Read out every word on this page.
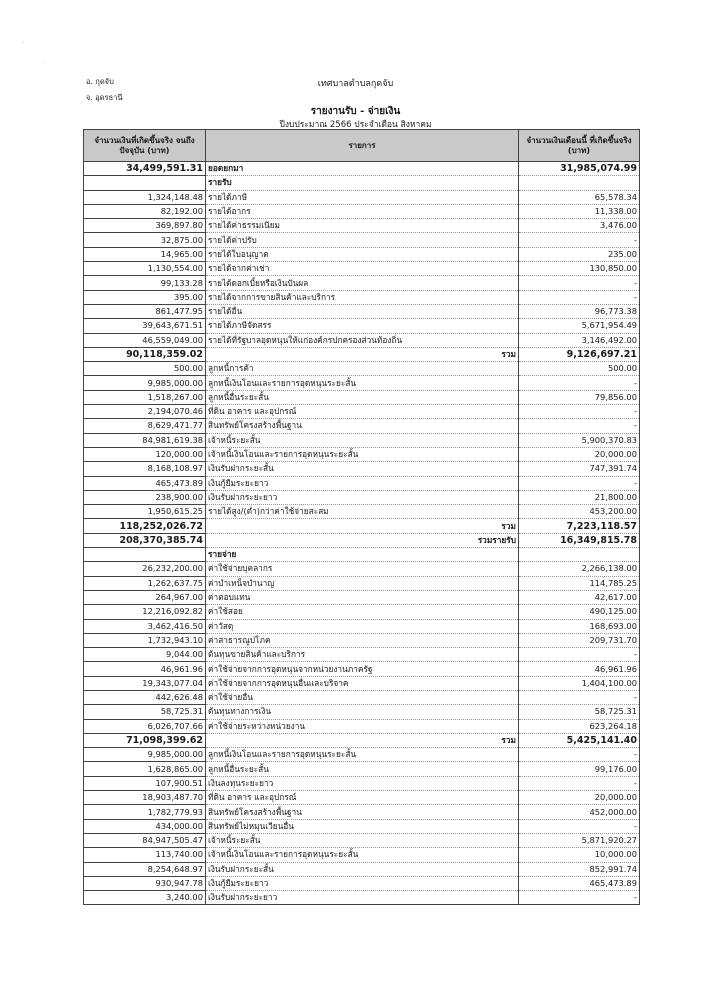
อ. กุดจับ
จ. อุดรธานี
เทศบาลตำบลกุดจับ
รายงานรับ - จ่ายเงิน
ปีงบประมาณ 2566 ประจำเดือน สิงหาคม
·
·
จำนวนเงินที่เกิดขึ้นจริง จนถึงปัจจุบัน (บาท)	รายการ	จำนวนเงินเดือนนี้ ที่เกิดขึ้นจริง (บาท)
34,499,591.31	ยอดยกมา	31,985,074.99
	รายรับ	
1,324,148.48	รายได้ภาษี	65,578.34
82,192.00	รายได้อากร	11,338.00
369,897.80	รายได้ค่าธรรมเนียม	3,476.00
32,875.00	รายได้ค่าปรับ	-
14,965.00	รายได้ใบอนุญาต	235.00
1,130,554.00	รายได้จากค่าเช่า	130,850.00
99,133.28	รายได้ดอกเบี้ยหรือเงินปันผล	-
395.00	รายได้จากการขายสินค้าและบริการ	-
861,477.95	รายได้อื่น	96,773.38
39,643,671.51	รายได้ภาษีจัดสรร	5,671,954.49
46,559,049.00	รายได้ที่รัฐบาลอุดหนุนให้แก่องค์กรปกครองส่วนท้องถิ่น	3,146,492.00
90,118,359.02	รวม	9,126,697.21
500.00	ลูกหนี้การค้า	500.00
9,985,000.00	ลูกหนี้เงินโอนและรายการอุดหนุนระยะสั้น	-
1,518,267.00	ลูกหนี้อื่นระยะสั้น	79,856.00
2,194,070.46	ที่ดิน อาคาร และอุปกรณ์	-
8,629,471.77	สินทรัพย์โครงสร้างพื้นฐาน	-
84,981,619.38	เจ้าหนี้ระยะสั้น	5,900,370.83
120,000.00	เจ้าหนี้เงินโอนและรายการอุดหนุนระยะสั้น	20,000.00
8,168,108.97	เงินรับฝากระยะสั้น	747,391.74
465,473.89	เงินกู้ยืมระยะยาว	-
238,900.00	เงินรับฝากระยะยาว	21,800.00
1,950,615.25	รายได้สูง/(ต่ำ)กว่าค่าใช้จ่ายสะสม	453,200.00
118,252,026.72	รวม	7,223,118.57
208,370,385.74	รวมรายรับ	16,349,815.78
	รายจ่าย	
26,232,200.00	ค่าใช้จ่ายบุคลากร	2,266,138.00
1,262,637.75	ค่าบำเหน็จบำนาญ	114,785.25
264,967.00	ค่าตอบแทน	42,617.00
12,216,092.82	ค่าใช้สอย	490,125.00
3,462,416.50	ค่าวัสดุ	168,693.00
1,732,943.10	ค่าสาธารณูปโภค	209,731.70
9,044.00	ต้นทุนขายสินค้าและบริการ	-
46,961.96	ค่าใช้จ่ายจากการอุดหนุนจากหน่วยงานภาครัฐ	46,961.96
19,343,077.04	ค่าใช้จ่ายจากการอุดหนุนอื่นและบริจาค	1,404,100.00
442,626.48	ค่าใช้จ่ายอื่น	-
58,725.31	ต้นทุนทางการเงิน	58,725.31
6,026,707.66	ค่าใช้จ่ายระหว่างหน่วยงาน	623,264.18
71,098,399.62	รวม	5,425,141.40
9,985,000.00	ลูกหนี้เงินโอนและรายการอุดหนุนระยะสั้น	-
1,628,865.00	ลูกหนี้อื่นระยะสั้น	99,176.00
107,900.51	เงินลงทุนระยะยาว	-
18,903,487.70	ที่ดิน อาคาร และอุปกรณ์	20,000.00
1,782,779.93	สินทรัพย์โครงสร้างพื้นฐาน	452,000.00
434,000.00	สินทรัพย์ไม่หมุนเวียนอื่น	-
84,947,505.47	เจ้าหนี้ระยะสั้น	5,871,920.27
113,740.00	เจ้าหนี้เงินโอนและรายการอุดหนุนระยะสั้น	10,000.00
8,254,648.97	เงินรับฝากระยะสั้น	852,991.74
930,947.78	เงินกู้ยืมระยะยาว	465,473.89
3,240.00	เงินรับฝากระยะยาว	-
